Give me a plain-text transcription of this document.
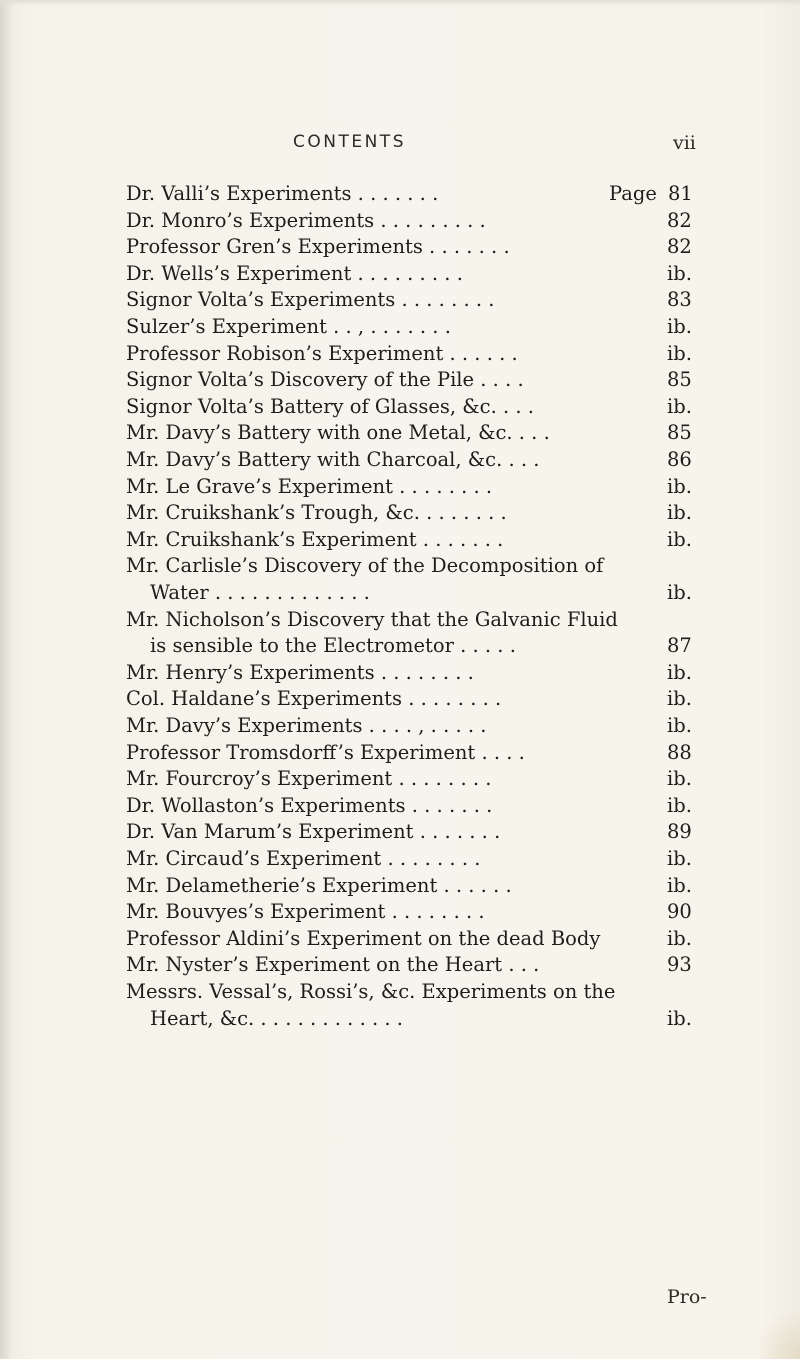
CONTENTS	vii
Page
Dr. Valli’s Experiments . . . . . . .	81
Dr. Monro’s Experiments . . . . . . . . .	82
Professor Gren’s Experiments . . . . . . .	82
Dr. Wells’s Experiment . . . . . . . . .	ib.
Signor Volta’s Experiments . . . . . . . .	83
Sulzer’s Experiment . . , . . . . . . .	ib.
Professor Robison’s Experiment . . . . . .	ib.
Signor Volta’s Discovery of the Pile . . . .	85
Signor Volta’s Battery of Glasses, &c. . . .	ib.
Mr. Davy’s Battery with one Metal, &c. . . .	85
Mr. Davy’s Battery with Charcoal, &c. . . .	86
Mr. Le Grave’s Experiment . . . . . . . .	ib.
Mr. Cruikshank’s Trough, &c. . . . . . . .	ib.
Mr. Cruikshank’s Experiment . . . . . . .	ib.
Mr. Carlisle’s Discovery of the Decomposition of
Water . . . . . . . . . . . . .	ib.
Mr. Nicholson’s Discovery that the Galvanic Fluid
is sensible to the Electrometor . . . . .	87
Mr. Henry’s Experiments . . . . . . . .	ib.
Col. Haldane’s Experiments . . . . . . . .	ib.
Mr. Davy’s Experiments . . . . , . . . . .	ib.
Professor Tromsdorff’s Experiment . . . .	88
Mr. Fourcroy’s Experiment . . . . . . . .	ib.
Dr. Wollaston’s Experiments . . . . . . .	ib.
Dr. Van Marum’s Experiment . . . . . . .	89
Mr. Circaud’s Experiment . . . . . . . .	ib.
Mr. Delametherie’s Experiment . . . . . .	ib.
Mr. Bouvyes’s Experiment . . . . . . . .	90
Professor Aldini’s Experiment on the dead Body	ib.
Mr. Nyster’s Experiment on the Heart . . .	93
Messrs. Vessal’s, Rossi’s, &c. Experiments on the
Heart, &c. . . . . . . . . . . . .	ib.
Pro-
